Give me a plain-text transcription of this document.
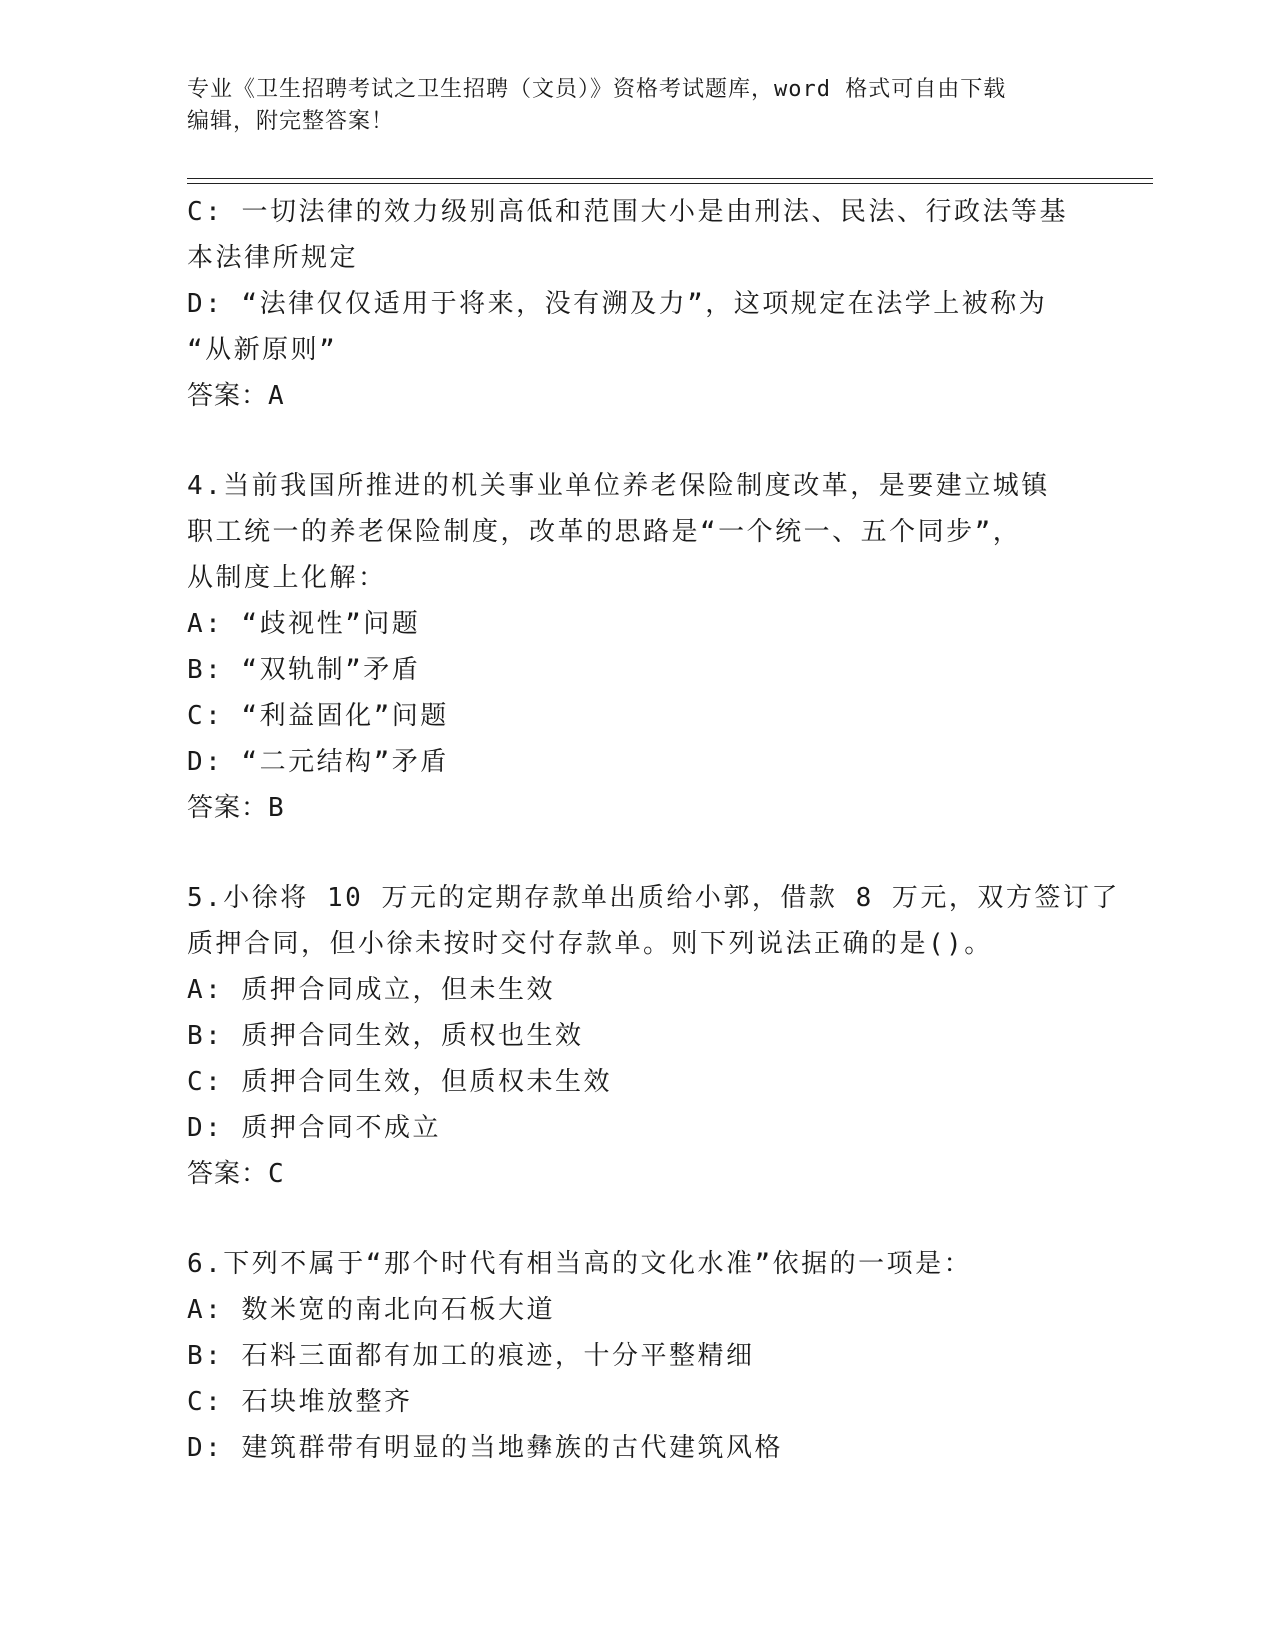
专业《卫生招聘考试之卫生招聘（文员）》资格考试题库，word 格式可自由下载
编辑，附完整答案！
C: 一切法律的效力级别高低和范围大小是由刑法、民法、行政法等基
本法律所规定
D: “法律仅仅适用于将来，没有溯及力”，这项规定在法学上被称为
“从新原则”
答案：A
4.当前我国所推进的机关事业单位养老保险制度改革，是要建立城镇
职工统一的养老保险制度，改革的思路是“一个统一、五个同步”，
从制度上化解：
A: “歧视性”问题
B: “双轨制”矛盾
C: “利益固化”问题
D: “二元结构”矛盾
答案：B
5.小徐将 10 万元的定期存款单出质给小郭，借款 8 万元，双方签订了
质押合同，但小徐未按时交付存款单。则下列说法正确的是()。
A: 质押合同成立，但未生效
B: 质押合同生效，质权也生效
C: 质押合同生效，但质权未生效
D: 质押合同不成立
答案：C
6.下列不属于“那个时代有相当高的文化水准”依据的一项是：
A: 数米宽的南北向石板大道
B: 石料三面都有加工的痕迹，十分平整精细
C: 石块堆放整齐
D: 建筑群带有明显的当地彝族的古代建筑风格
